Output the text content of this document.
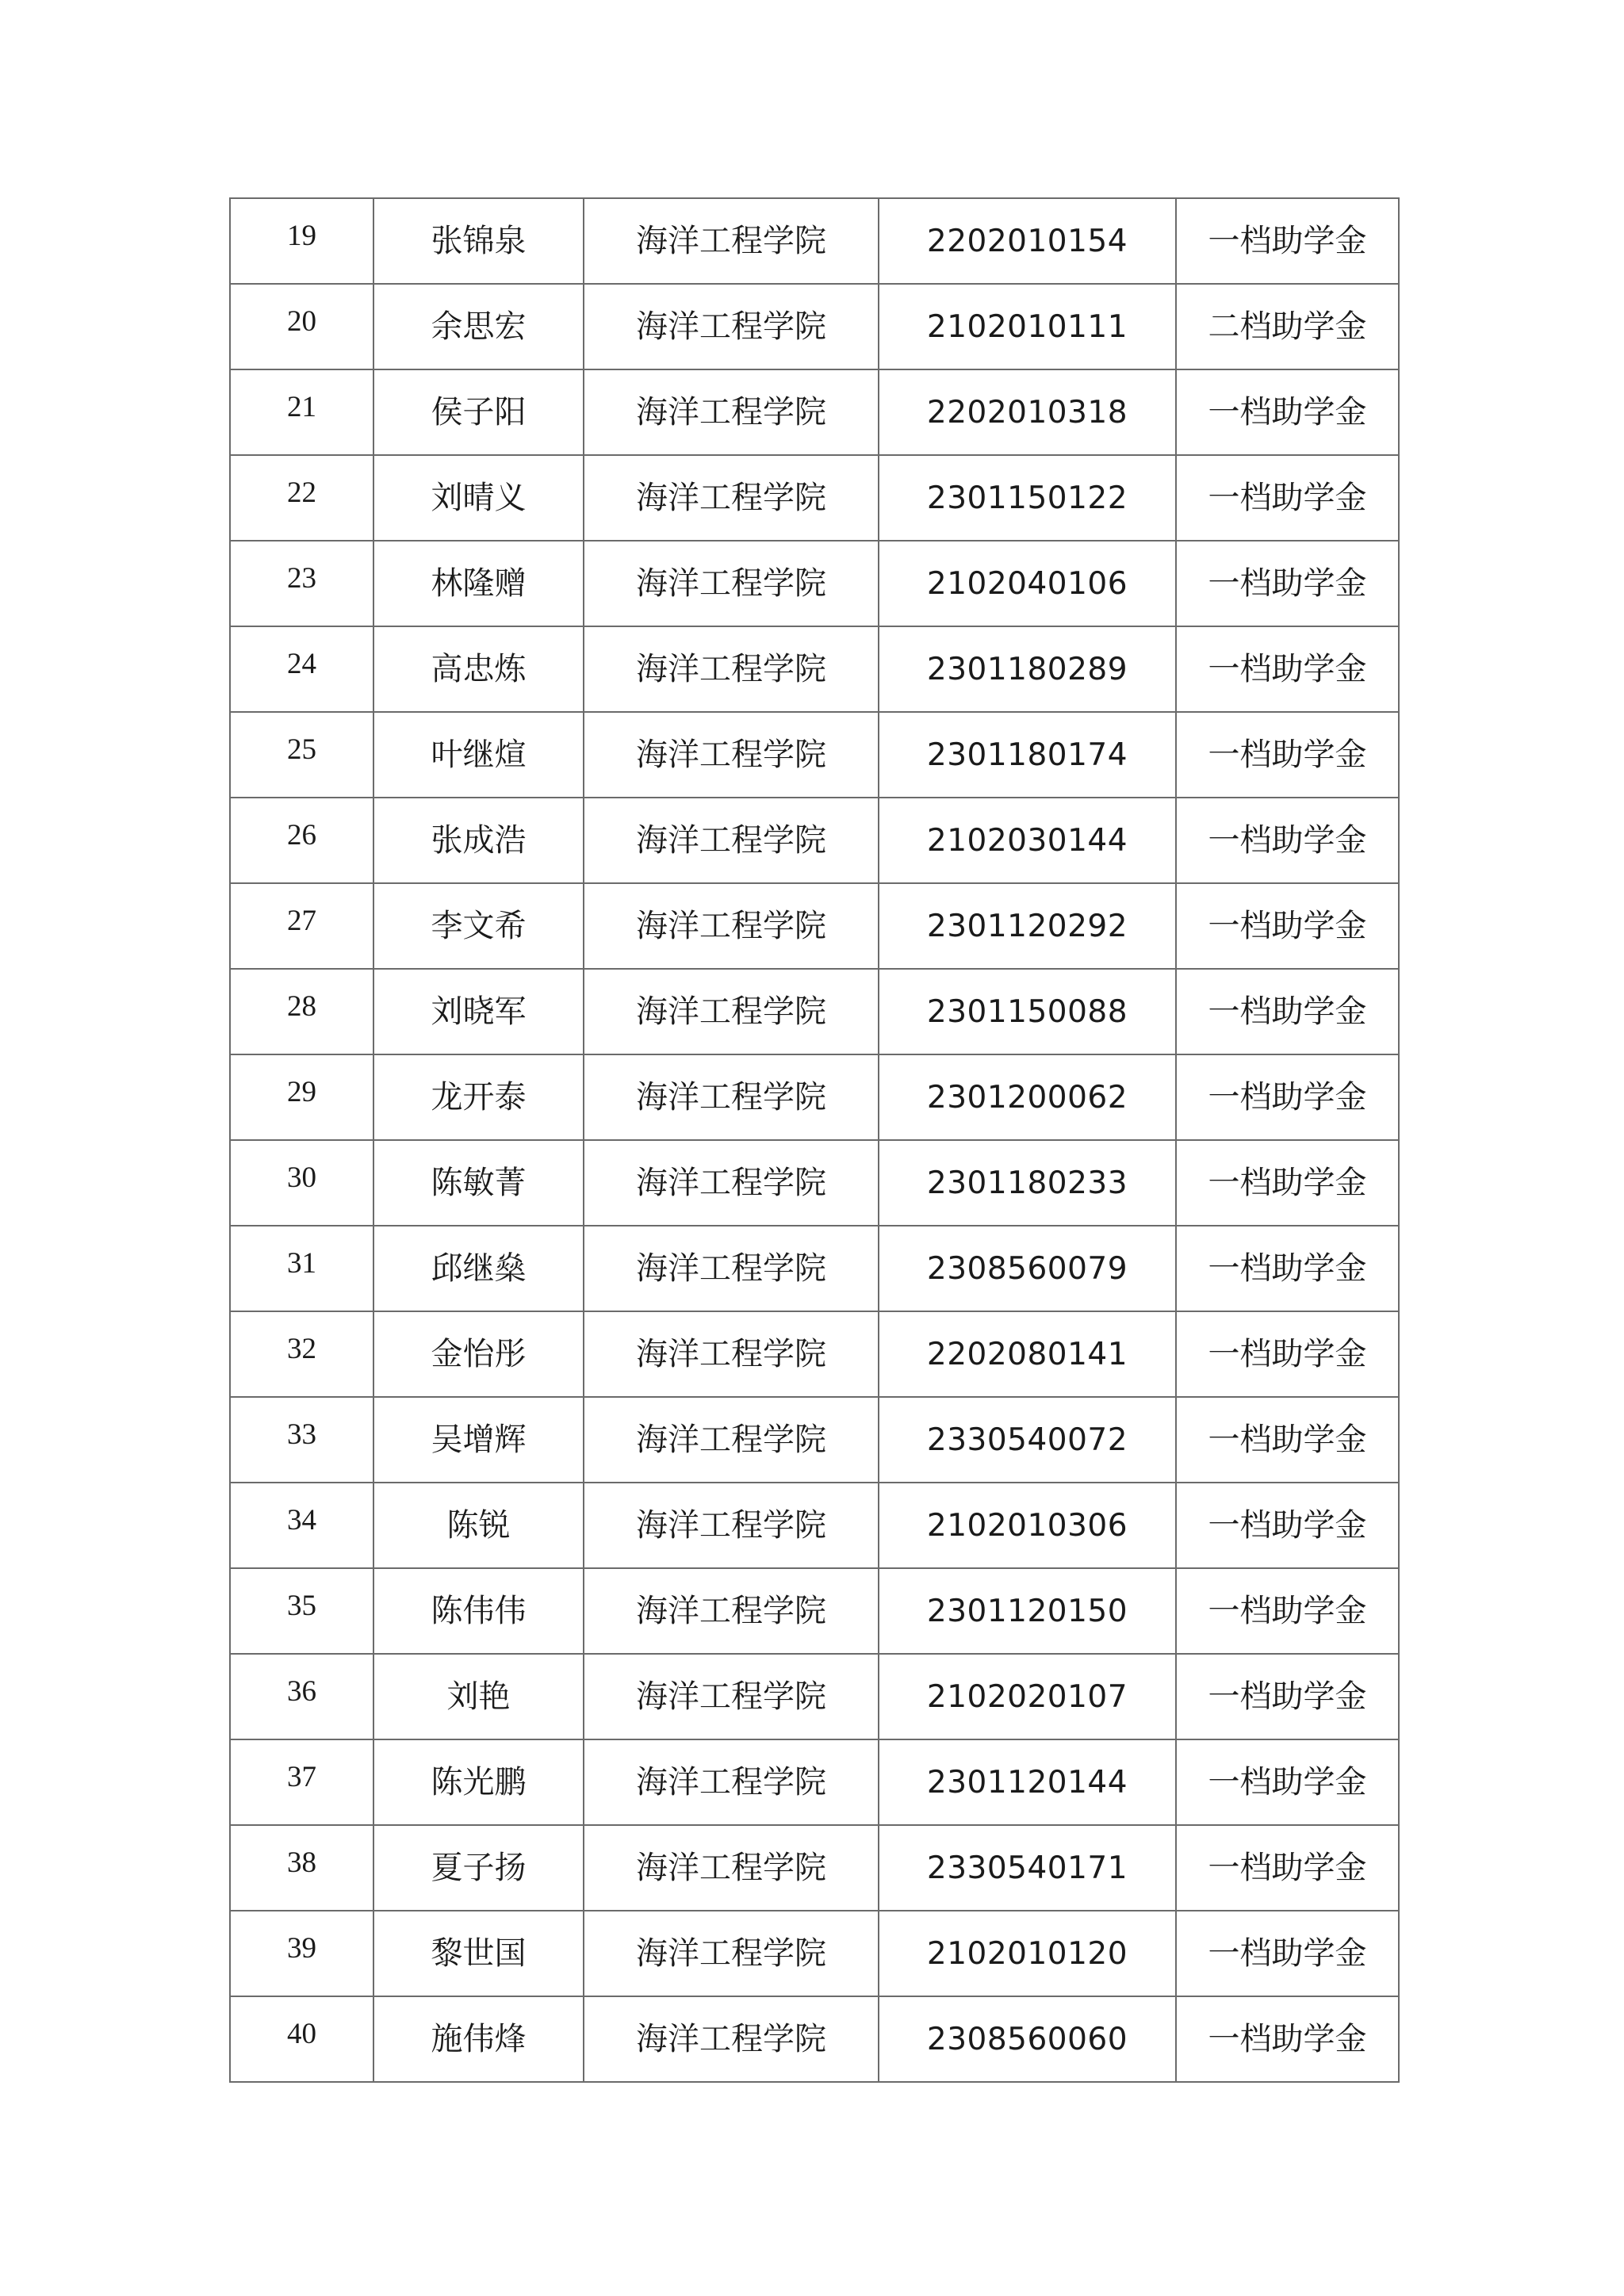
19	张锦泉	海洋工程学院	2202010154	一档助学金
20	余思宏	海洋工程学院	2102010111	二档助学金
21	侯子阳	海洋工程学院	2202010318	一档助学金
22	刘晴义	海洋工程学院	2301150122	一档助学金
23	林隆赠	海洋工程学院	2102040106	一档助学金
24	高忠炼	海洋工程学院	2301180289	一档助学金
25	叶继煊	海洋工程学院	2301180174	一档助学金
26	张成浩	海洋工程学院	2102030144	一档助学金
27	李文希	海洋工程学院	2301120292	一档助学金
28	刘晓军	海洋工程学院	2301150088	一档助学金
29	龙开泰	海洋工程学院	2301200062	一档助学金
30	陈敏菁	海洋工程学院	2301180233	一档助学金
31	邱继燊	海洋工程学院	2308560079	一档助学金
32	金怡彤	海洋工程学院	2202080141	一档助学金
33	吴增辉	海洋工程学院	2330540072	一档助学金
34	陈锐	海洋工程学院	2102010306	一档助学金
35	陈伟伟	海洋工程学院	2301120150	一档助学金
36	刘艳	海洋工程学院	2102020107	一档助学金
37	陈光鹏	海洋工程学院	2301120144	一档助学金
38	夏子扬	海洋工程学院	2330540171	一档助学金
39	黎世国	海洋工程学院	2102010120	一档助学金
40	施伟烽	海洋工程学院	2308560060	一档助学金
